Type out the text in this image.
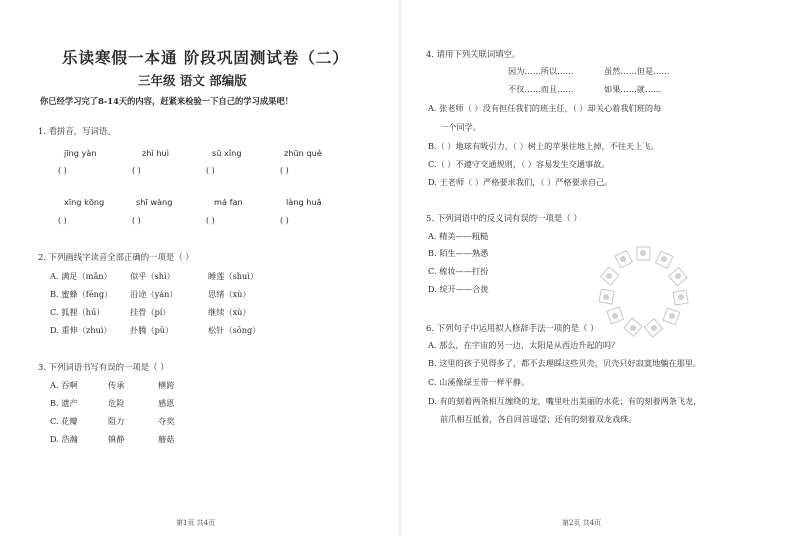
乐读寒假一本通 阶段巩固测试卷（二）
三年级 语文 部编版
你已经学习完了8-14天的内容，赶紧来检验一下自己的学习成果吧！
1. 看拼音，写词语。
jīng yàn	zhì huì	sū xǐng	zhūn què
( )	( )	( )	( )
xīng kōng	shī wàng	má fan	làng huā
( )	( )	( )	( )
2. 下列画线字读音全部正确的一项是（ ）
A. 满足（mǎn） 似乎（shì）	睡莲（shuì）
B. 蜜蜂（fēng） 沿途（yán）	思绪（xù）
C. 狐狸（hú）	挂骨（pí）	继续（xù）
D. 重伸（zhuì） 扑腾（pū）	松针（sōng）
3. 下列词语书写有误的一项是（ ）
A. 吞啊	传承	横跨
B. 遗产	危险	感恩
C. 花瓣	阻力	夺奖
D. 浩瀚	镇静	蘑菇
第1页 共4页
4. 请用下列关联词填空。
因为……所以……	虽然……但是……
不仅……而且……	如果……就……
A. 张老师（ ）没有担任我们的班主任，（ ）却关心着我们班的每
一个同学。
B.（ ）地球有吸引力，（ ）树上的苹果往地上掉，不往天上飞。
C.（ ）不遵守交通规则，（ ）容易发生交通事故。
D. 王老师（ ）严格要求我们，（ ）严格要求自己。
5. 下列词语中的反义词有误的一项是（ ）
A. 精美——粗糙
B. 陌生——熟悉
C. 梳妆——打扮
D. 绽开——合拢
6. 下列句子中运用拟人修辞手法一项的是（ ）
A. 那么，在宇宙的另一边，太阳是从西边升起的吗？
B. 这里的孩子见得多了，都不去理睬这些贝壳，贝壳只好寂寞地躺在那里。
C. 山溪像绿玉带一样平静。
D. 有的刻着两条相互缠绕的龙，嘴里吐出美丽的水花；有的刻着两条飞龙，
前爪相互抵着，各自回首遥望；还有的刻着双龙戏珠。
第2页 共4页
